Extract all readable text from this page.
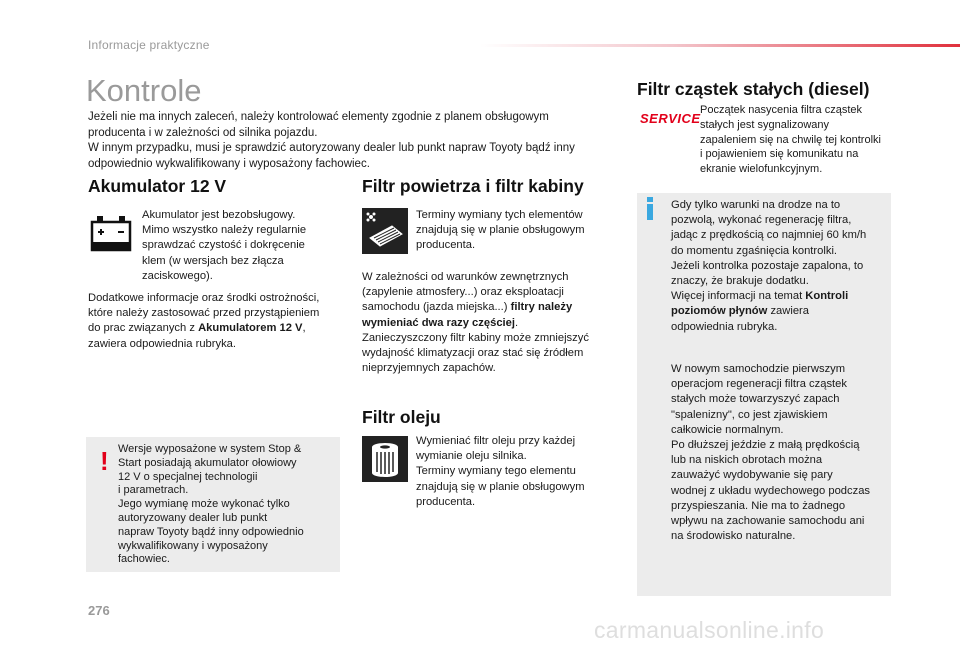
Informacje praktyczne
Kontrole
Jeżeli nie ma innych zaleceń, należy kontrolować elementy zgodnie z planem obsługowym
producenta i w zależności od silnika pojazdu.
W innym przypadku, musi je sprawdzić autoryzowany dealer lub punkt napraw Toyoty bądź inny
odpowiednio wykwalifikowany i wyposażony fachowiec.
Akumulator 12 V
Akumulator jest bezobsługowy.
Mimo wszystko należy regularnie
sprawdzać czystość i dokręcenie
klem (w wersjach bez złącza
zaciskowego).
Dodatkowe informacje oraz środki ostrożności,
które należy zastosować przed przystąpieniem
do prac związanych z Akumulatorem 12 V,
zawiera odpowiednia rubryka.
! Wersje wyposażone w system Stop &
Start posiadają akumulator ołowiowy
12 V o specjalnej technologii
i parametrach.
Jego wymianę może wykonać tylko
autoryzowany dealer lub punkt
napraw Toyoty bądź inny odpowiednio
wykwalifikowany i wyposażony
fachowiec.
Filtr powietrza i filtr kabiny
Terminy wymiany tych elementów
znajdują się w planie obsługowym
producenta.
W zależności od warunków zewnętrznych
(zapylenie atmosfery...) oraz eksploatacji
samochodu (jazda miejska...) filtry należy
wymieniać dwa razy częściej.
Zanieczyszczony filtr kabiny może zmniejszyć
wydajność klimatyzacji oraz stać się źródłem
nieprzyjemnych zapachów.
Filtr oleju
Wymieniać filtr oleju przy każdej
wymianie oleju silnika.
Terminy wymiany tego elementu
znajdują się w planie obsługowym
producenta.
Filtr cząstek stałych (diesel)
SERVICE
Początek nasycenia filtra cząstek
stałych jest sygnalizowany
zapaleniem się na chwilę tej kontrolki
i pojawieniem się komunikatu na
ekranie wielofunkcyjnym.
Gdy tylko warunki na drodze na to
pozwolą, wykonać regenerację filtra,
jadąc z prędkością co najmniej 60 km/h
do momentu zgaśnięcia kontrolki.
Jeżeli kontrolka pozostaje zapalona, to
znaczy, że brakuje dodatku.
Więcej informacji na temat Kontroli
poziomów płynów zawiera
odpowiednia rubryka.
W nowym samochodzie pierwszym
operacjom regeneracji filtra cząstek
stałych może towarzyszyć zapach
"spalenizny", co jest zjawiskiem
całkowicie normalnym.
Po dłuższej jeździe z małą prędkością
lub na niskich obrotach można
zauważyć wydobywanie się pary
wodnej z układu wydechowego podczas
przyspieszania. Nie ma to żadnego
wpływu na zachowanie samochodu ani
na środowisko naturalne.
276
carmanualsonline.info
